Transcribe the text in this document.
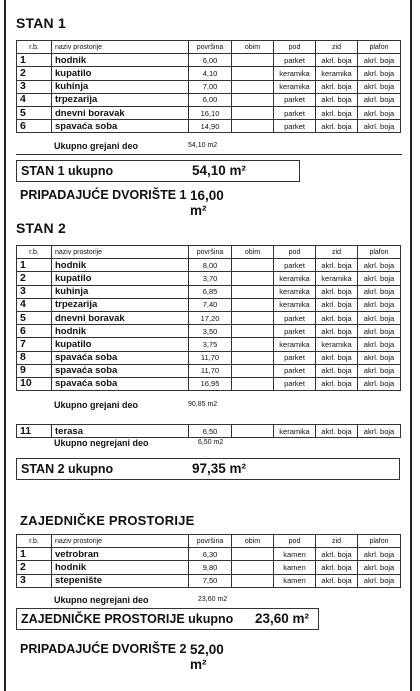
STAN 1
r.b.	naziv prostorije	površina	obim	pod	zid	plafon
1	hodnik	6,00		parket	akrl. boja	akrl. boja
2	kupatilo	4,10		keramika	keramika	akrl. boja
3	kuhinja	7,00		keramika	akrl. boja	akrl. boja
4	trpezarija	6,00		parket	akrl. boja	akrl. boja
5	dnevni boravak	16,10		parket	akrl. boja	akrl. boja
6	spavaća soba	14,90		parket	akrl. boja	akrl. boja
Ukupno grejani deo	54,10 m2
STAN 1 ukupno	54,10 m²
PRIPADAJUĆE DVORIŠTE 1 16,00 m²
STAN 2
r.b.	naziv prostorije	površina	obim	pod	zid	plafon
1	hodnik	8,00		parket	akrl. boja	akrl. boja
2	kupatilo	3,70		keramika	keramika	akrl. boja
3	kuhinja	6,85		keramika	akrl. boja	akrl. boja
4	trpezarija	7,40		keramika	akrl. boja	akrl. boja
5	dnevni boravak	17,20		parket	akrl. boja	akrl. boja
6	hodnik	3,50		parket	akrl. boja	akrl. boja
7	kupatilo	3,75		keramika	keramika	akrl. boja
8	spavaća soba	11,70		parket	akrl. boja	akrl. boja
9	spavaća soba	11,70		parket	akrl. boja	akrl. boja
10	spavaća soba	16,95		parket	akrl. boja	akrl. boja
Ukupno grejani deo	90,85 m2
11	terasa	6,50		keramika	akrl. boja	akrl. boja
Ukupno negrejani deo	6,50 m2
STAN 2 ukupno	97,35 m²
ZAJEDNIČKE PROSTORIJE
r.b.	naziv prostorije	površina	obim	pod	zid	plafon
1	vetrobran	6,30		kamen	akrl. boja	akrl. boja
2	hodnik	9,80		kamen	akrl. boja	akrl. boja
3	stepenište	7,50		kamen	akrl. boja	akrl. boja
Ukupno negrejani deo	23,60 m2
ZAJEDNIČKE PROSTORIJE ukupno 23,60 m²
PRIPADAJUĆE DVORIŠTE 2 52,00 m²
